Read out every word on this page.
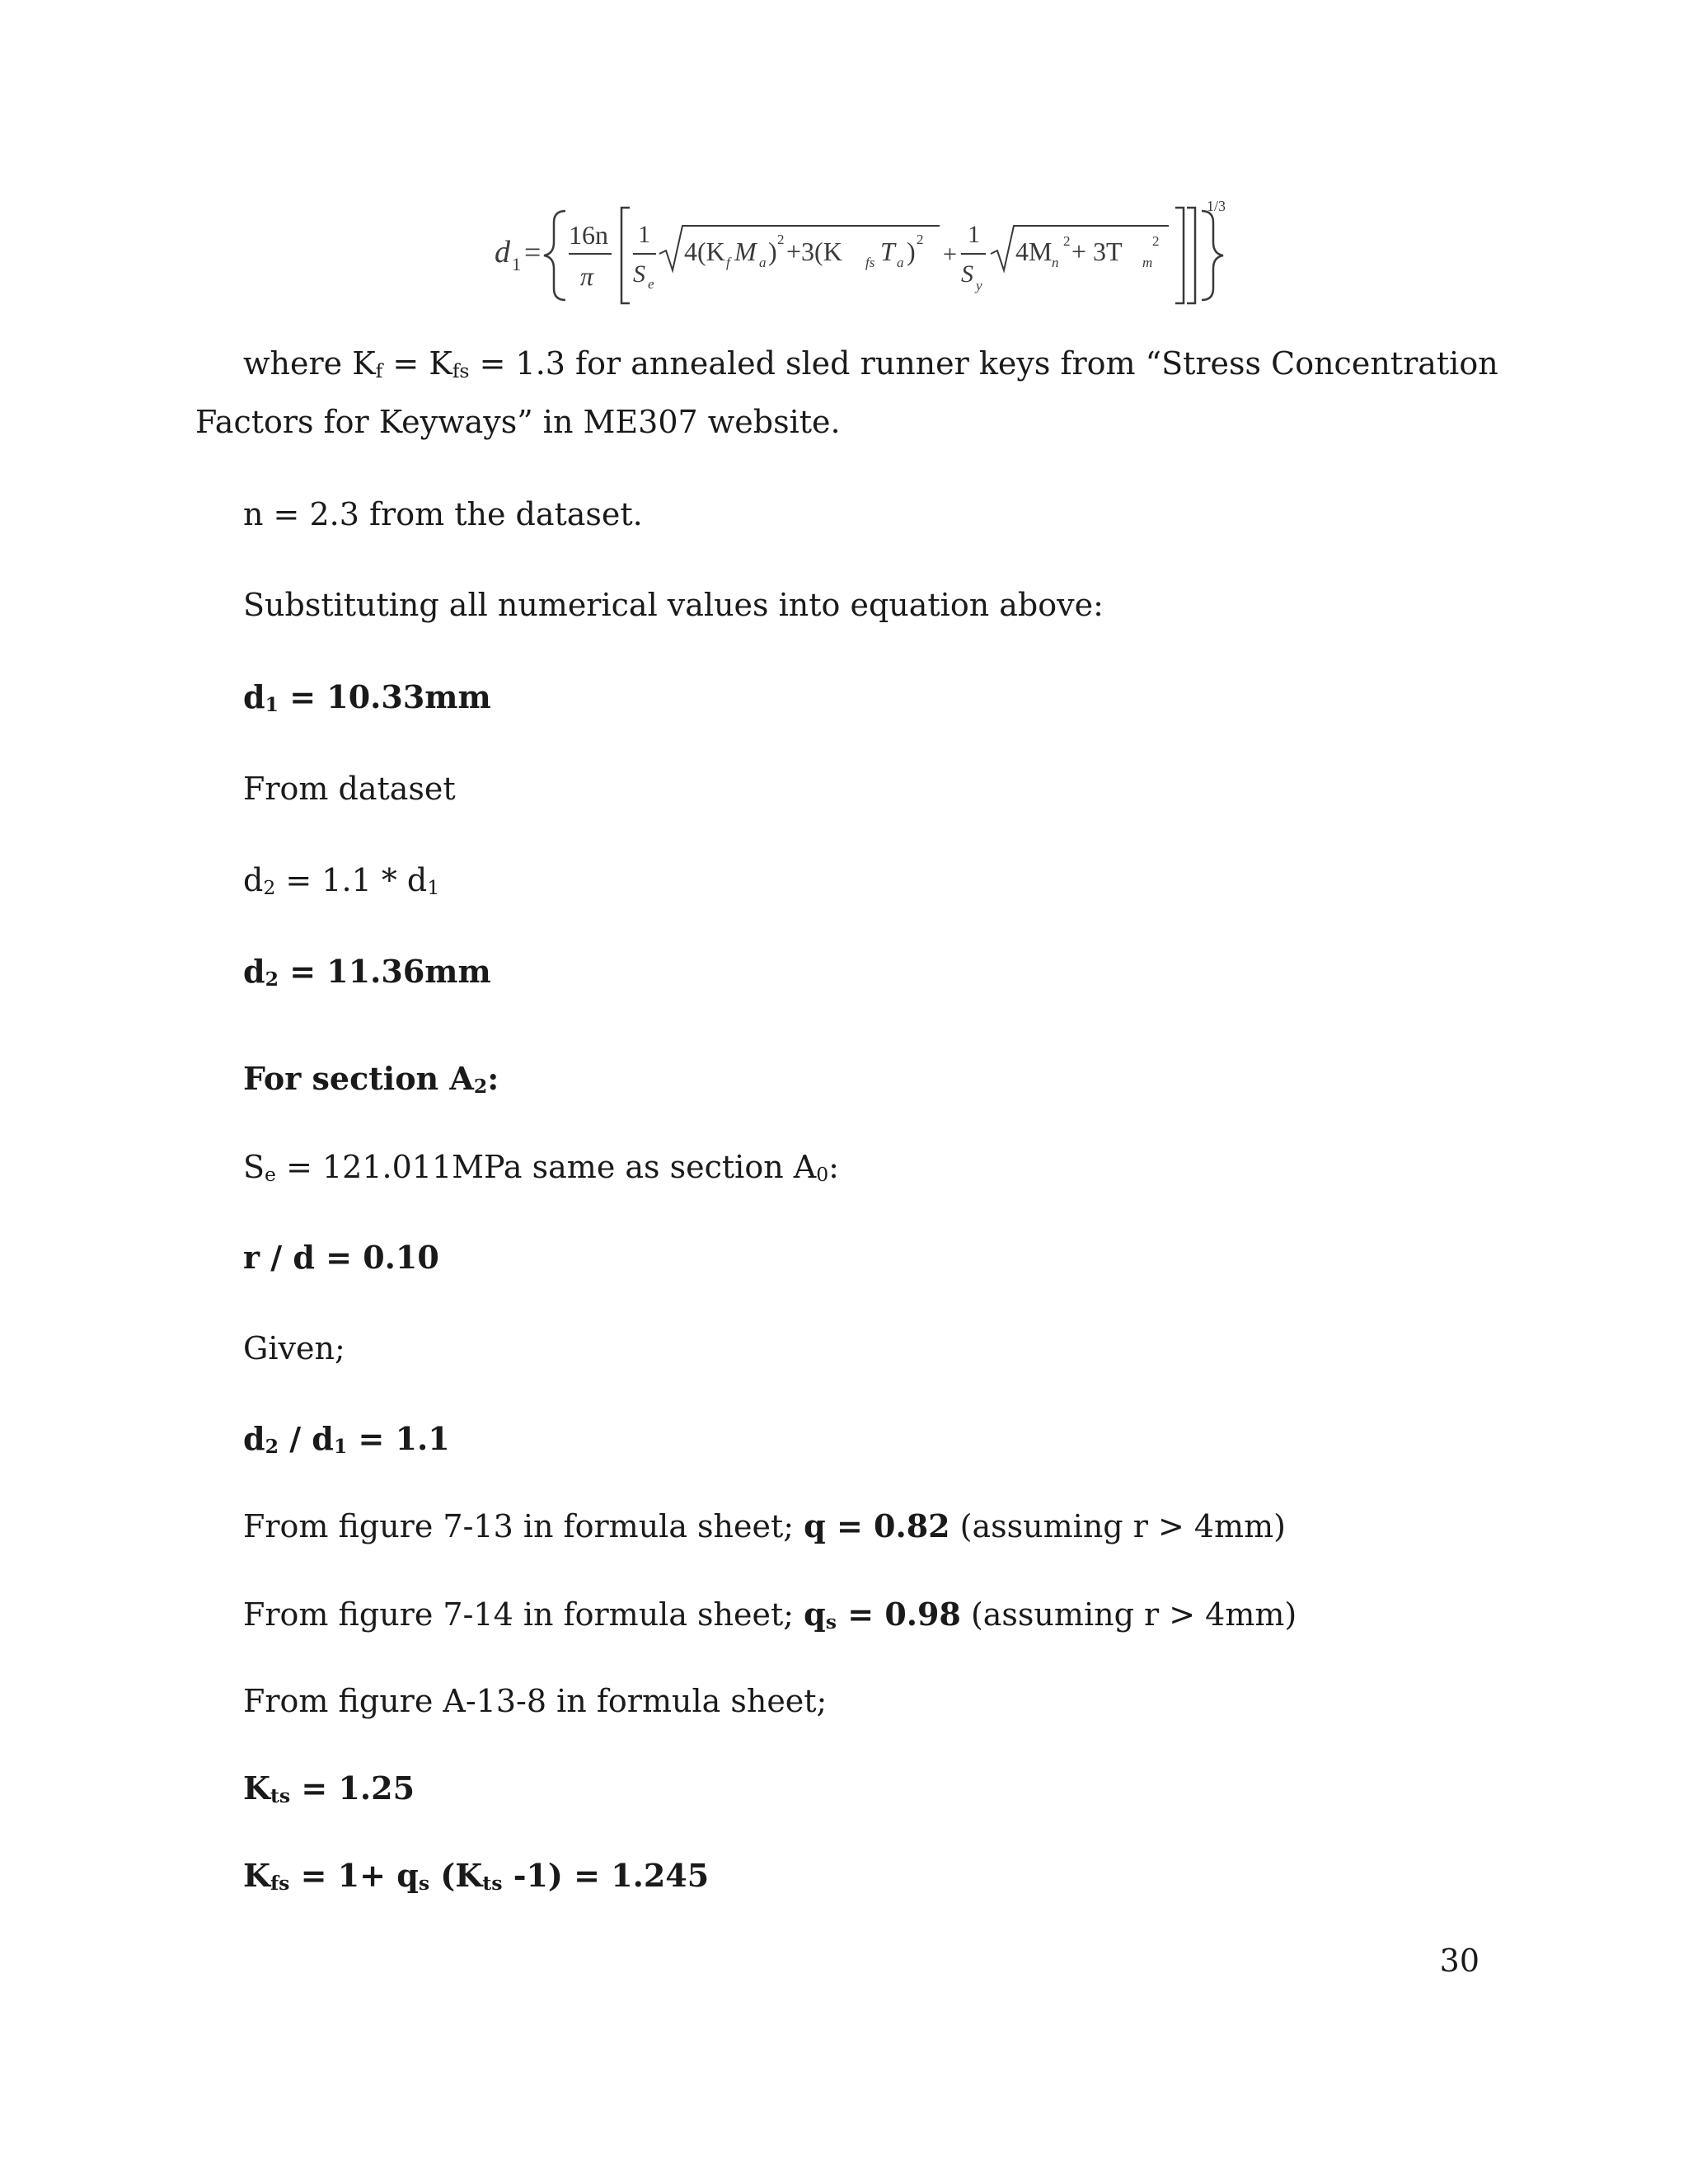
d 1 =
16n
π
1
S e
4(K f M a ) 2 +3(K fs T a ) 2
+
1
S y
4M n
2 + 3T m
2
1/3
where $K_f = K_{fs} = 1.3$ for annealed sled runner keys from “Stress Concentration
Factors for Keyways” in ME307 website.
n = 2.3 from the dataset.
Substituting all numerical values into equation above:
$d_1 = 10.33mm$
From dataset
$d_2 = 1.1 * d_1$
$d_2 = 11.36mm$
For section $A_2$:
$S_e = 121.011MPa$ same as section $A_0$:
r / d = 0.10
Given;
$d_2 / d_1 = 1.1$
From figure 7-13 in formula sheet; q = 0.82 (assuming r > 4mm)
From figure 7-14 in formula sheet; $q_s = 0.98$ (assuming r > 4mm)
From figure A-13-8 in formula sheet;
$K_{ts} = 1.25$
$K_{fs} = 1+ q_s$ ($K_{ts}$ -1) = 1.245
30
